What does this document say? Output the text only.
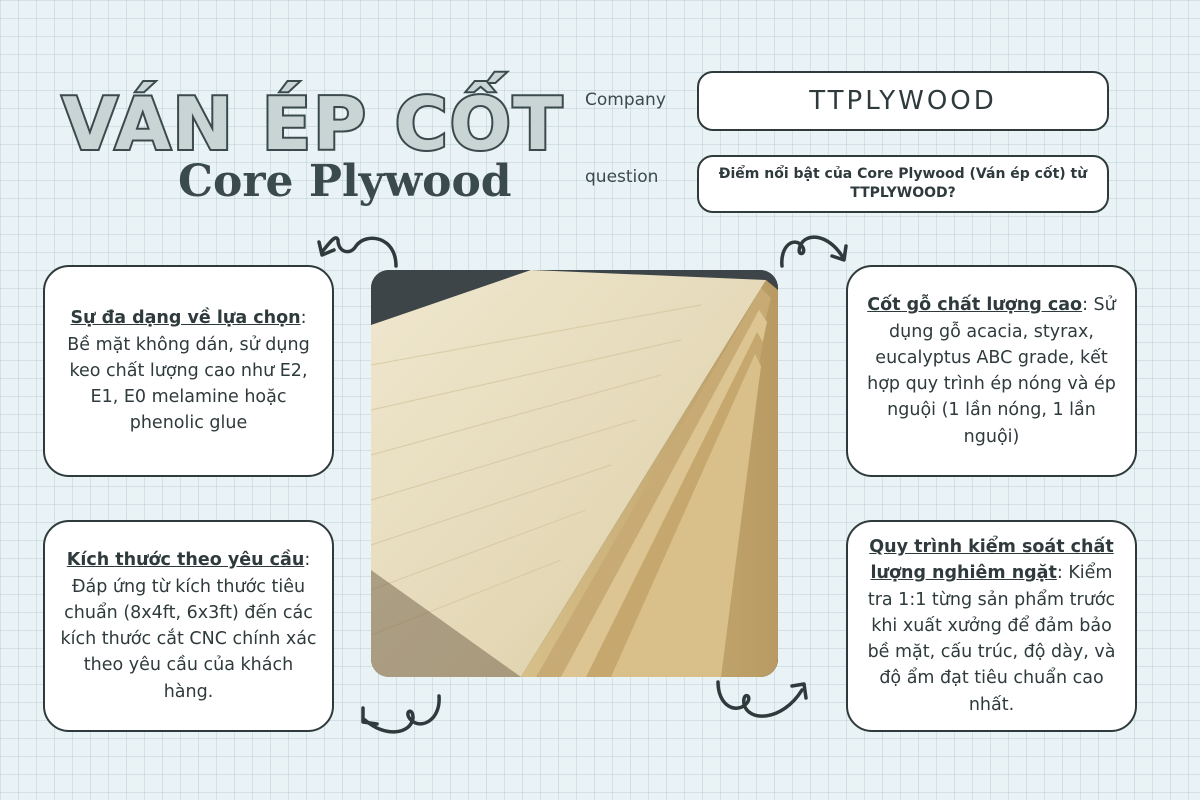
VÁN ÉP CỐT
Core Plywood
Company	TTPLYWOOD
question	Điểm nổi bật của Core Plywood (Ván ép cốt) từ TTPLYWOOD?
Sự đa dạng về lựa chọn: Bề mặt không dán, sử dụng keo chất lượng cao như E2, E1, E0 melamine hoặc phenolic glue
Kích thước theo yêu cầu: Đáp ứng từ kích thước tiêu chuẩn (8x4ft, 6x3ft) đến các kích thước cắt CNC chính xác theo yêu cầu của khách hàng.
Cốt gỗ chất lượng cao: Sử dụng gỗ acacia, styrax, eucalyptus ABC grade, kết hợp quy trình ép nóng và ép nguội (1 lần nóng, 1 lần nguội)
Quy trình kiểm soát chất lượng nghiêm ngặt: Kiểm tra 1:1 từng sản phẩm trước khi xuất xưởng để đảm bảo bề mặt, cấu trúc, độ dày, và độ ẩm đạt tiêu chuẩn cao nhất.
